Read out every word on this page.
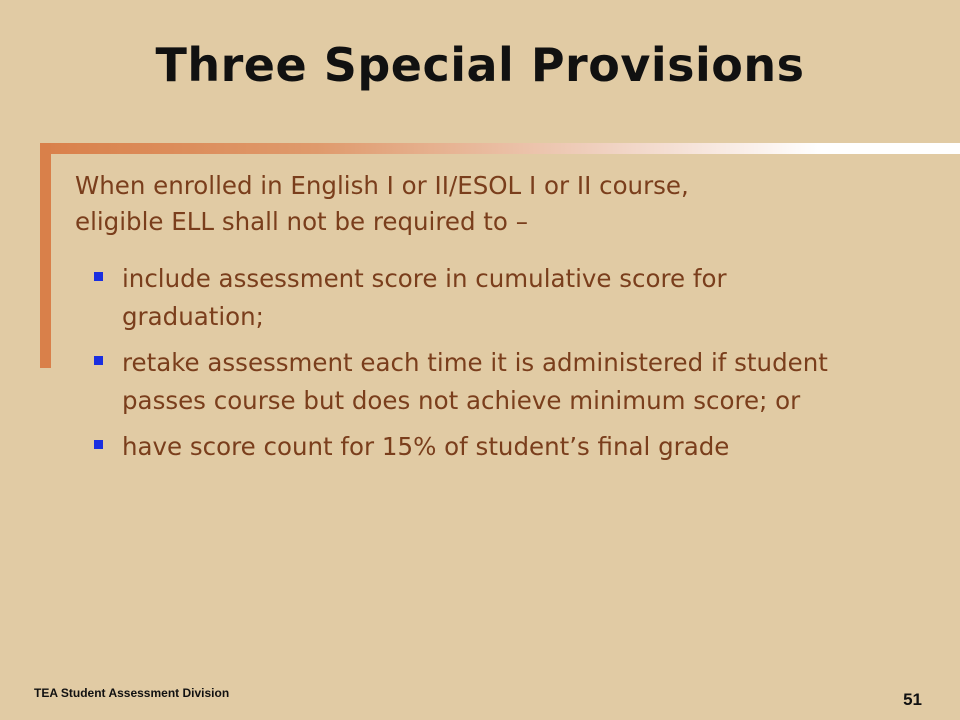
Three Special Provisions
When enrolled in English I or II/ESOL I or II course,
eligible ELL shall not be required to –
include assessment score in cumulative score for graduation;
retake assessment each time it is administered if student passes course but does not achieve minimum score; or
have score count for 15% of student’s final grade
TEA Student Assessment Division	51
